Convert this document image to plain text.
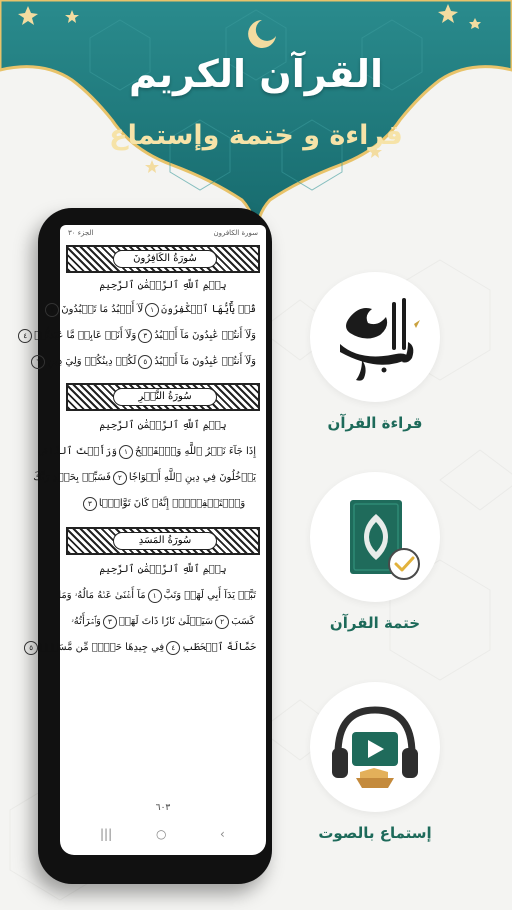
القرآن الكريم
قراءة و ختمة وإستماع
سورة الكافرون
الجزء ٣٠
سُورَةُ الكَافِرُونَ
بِسۡمِ ٱللَّهِ ٱلرَّحۡمَٰنِ ٱلرَّحِيمِ
قُلۡ يَٰٓأَيُّهَا ٱلۡكَٰفِرُونَ١لَآ أَعۡبُدُ مَا تَعۡبُدُونَ٢
وَلَآ أَنتُمۡ عَٰبِدُونَ مَآ أَعۡبُدُ٣وَلَآ أَنَا۠ عَابِدٞ مَّا عَبَدتُّمۡ٤
وَلَآ أَنتُمۡ عَٰبِدُونَ مَآ أَعۡبُدُ٥لَكُمۡ دِينُكُمۡ وَلِيَ دِينِ٦
سُورَةُ النَّصۡرِ
بِسۡمِ ٱللَّهِ ٱلرَّحۡمَٰنِ ٱلرَّحِيمِ
إِذَا جَآءَ نَصۡرُ ٱللَّهِ وَٱلۡفَتۡحُ١وَرَأَيۡتَ ٱلنَّاسَ
يَدۡخُلُونَ فِي دِينِ ٱللَّهِ أَفۡوَاجٗا٢فَسَبِّحۡ بِحَمۡدِ رَبِّكَ
وَٱسۡتَغۡفِرۡهُۚ إِنَّهُۥ كَانَ تَوَّابَۢا٣
سُورَةُ المَسَدِ
بِسۡمِ ٱللَّهِ ٱلرَّحۡمَٰنِ ٱلرَّحِيمِ
تَبَّتۡ يَدَآ أَبِي لَهَبٖ وَتَبَّ١مَآ أَغۡنَىٰ عَنۡهُ مَالُهُۥ وَمَا
كَسَبَ٢سَيَصۡلَىٰ نَارٗا ذَاتَ لَهَبٖ٣وَٱمۡرَأَتُهُۥ
حَمَّالَةَ ٱلۡحَطَبِ٤فِي جِيدِهَا حَبۡلٞ مِّن مَّسَدِۭ٥
٦٠٣
|||	○	‹
قراءة القرآن
ختمة القرآن
إستماع بالصوت
